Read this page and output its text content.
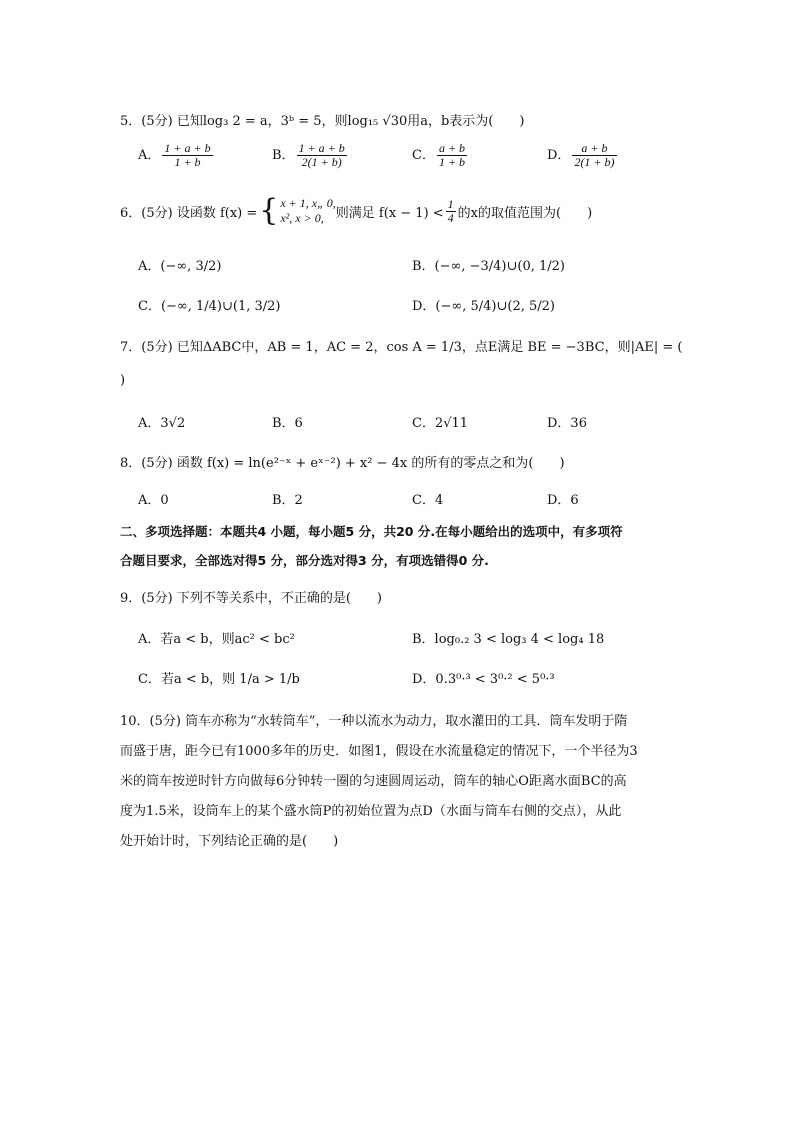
5．(5分) 已知log₃ 2 = a，3ᵇ = 5，则log₁₅ √30用a，b表示为(　　)
A． $\frac{1 + a + b}{1 + b}$	B． $\frac{1 + a + b}{2(1 + b)}$	C． $\frac{a + b}{1 + b}$	D． $\frac{a + b}{2(1 + b)}$
6．(5分) 设函数 f(x) = { x + 1, x„ 0,
x², x > 0, 则满足 $f(x - 1) < \frac{1}{4}$ 的x的取值范围为(　　)
A．(−∞, 3/2)	B．(−∞, −3/4)∪(0, 1/2)
C．(−∞, 1/4)∪(1, 3/2)	D．(−∞, 5/4)∪(2, 5/2)
7．(5分) 已知ΔABC中，AB = 1，AC = 2，cos A = 1/3，点E满足 BE = −3BC，则|AE| = (
)
A．3√2	B．6	C．2√11	D．36
8．(5分) 函数 f(x) = ln(e²⁻ˣ + eˣ⁻²) + x² − 4x 的所有的零点之和为(　　)
A．0	B．2	C．4	D．6
二、多项选择题：本题共4 小题，每小题5 分，共20 分.在每小题给出的选项中，有多项符
合题目要求，全部选对得5 分，部分选对得3 分，有项选错得0 分.
9．(5分) 下列不等关系中，不正确的是(　　)
A．若a < b，则ac² < bc²	B．log₀.₂ 3 < log₃ 4 < log₄ 18
C．若a < b，则 1/a > 1/b	D．0.3⁰·³ < 3⁰·² < 5⁰·³
10．(5分) 筒车亦称为“水转筒车”，一种以流水为动力，取水灌田的工具．筒车发明于隋
而盛于唐，距今已有1000多年的历史．如图1，假设在水流量稳定的情况下，一个半径为3
米的筒车按逆时针方向做每6分钟转一圈的匀速圆周运动，筒车的轴心O距离水面BC的高
度为1.5米，设筒车上的某个盛水筒P的初始位置为点D（水面与筒车右侧的交点），从此
处开始计时，下列结论正确的是(　　)
